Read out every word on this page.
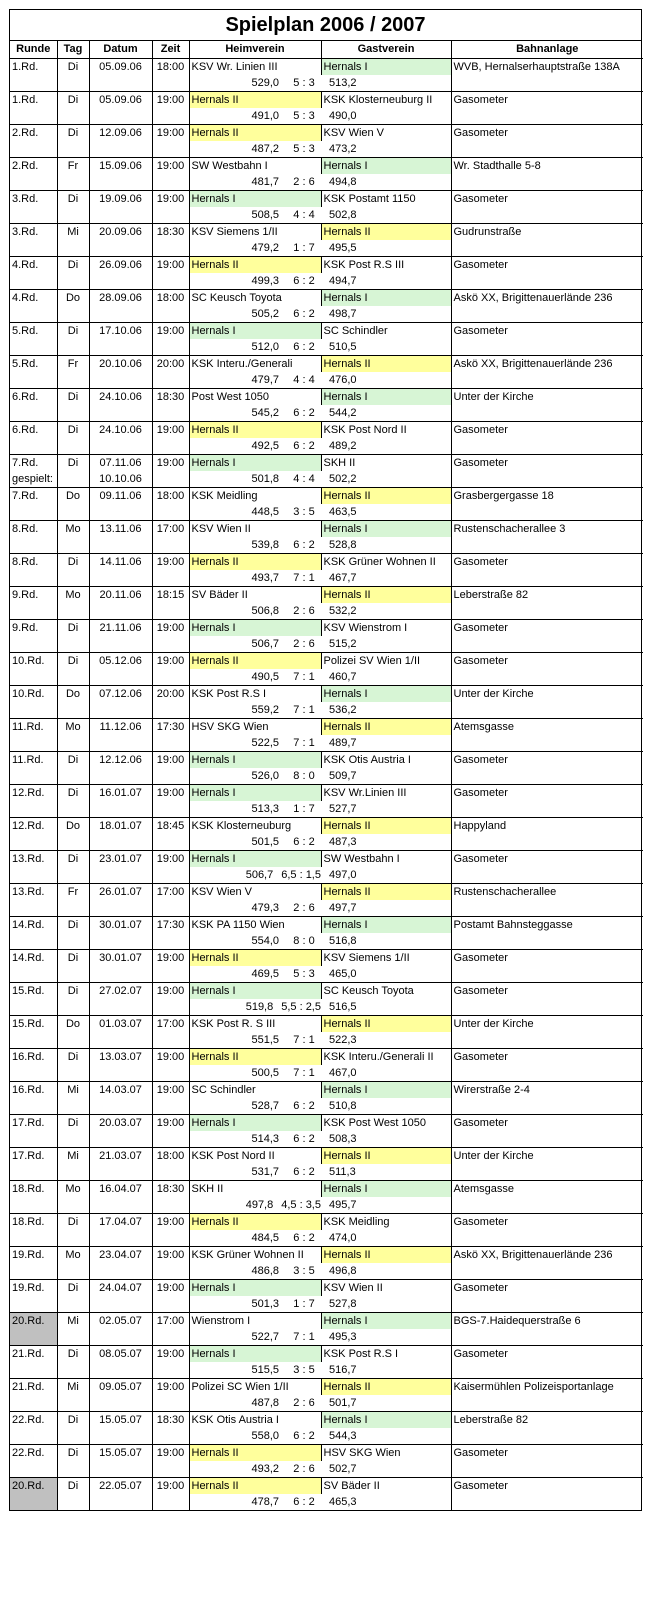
Spielplan 2006 / 2007
Runde	Tag	Datum	Zeit	Heimverein	Gastverein	Bahnanlage
1.Rd.	Di	05.09.06	18:00	KSV Wr. Linien III	Hernals I	WVB, Hernalserhauptstraße 138A
				529,0 5 : 3	513,2	
1.Rd.	Di	05.09.06	19:00	Hernals II	KSK Klosterneuburg II	Gasometer
				491,0 5 : 3	490,0	
2.Rd.	Di	12.09.06	19:00	Hernals II	KSV Wien V	Gasometer
				487,2 5 : 3	473,2	
2.Rd.	Fr	15.09.06	19:00	SW Westbahn I	Hernals I	Wr. Stadthalle 5-8
				481,7 2 : 6	494,8	
3.Rd.	Di	19.09.06	19:00	Hernals I	KSK Postamt 1150	Gasometer
				508,5 4 : 4	502,8	
3.Rd.	Mi	20.09.06	18:30	KSV Siemens 1/II	Hernals II	Gudrunstraße
				479,2 1 : 7	495,5	
4.Rd.	Di	26.09.06	19:00	Hernals II	KSK Post R.S III	Gasometer
				499,3 6 : 2	494,7	
4.Rd.	Do	28.09.06	18:00	SC Keusch Toyota	Hernals I	Askö XX, Brigittenauerlände 236
				505,2 6 : 2	498,7	
5.Rd.	Di	17.10.06	19:00	Hernals I	SC Schindler	Gasometer
				512,0 6 : 2	510,5	
5.Rd.	Fr	20.10.06	20:00	KSK Interu./Generali	Hernals II	Askö XX, Brigittenauerlände 236
				479,7 4 : 4	476,0	
6.Rd.	Di	24.10.06	18:30	Post West 1050	Hernals I	Unter der Kirche
				545,2 6 : 2	544,2	
6.Rd.	Di	24.10.06	19:00	Hernals II	KSK Post Nord II	Gasometer
				492,5 6 : 2	489,2	
7.Rd.	Di	07.11.06	19:00	Hernals I	SKH II	Gasometer
gespielt:		10.10.06		501,8 4 : 4	502,2	
7.Rd.	Do	09.11.06	18:00	KSK Meidling	Hernals II	Grasbergergasse 18
				448,5 3 : 5	463,5	
8.Rd.	Mo	13.11.06	17:00	KSV Wien II	Hernals I	Rustenschacherallee 3
				539,8 6 : 2	528,8	
8.Rd.	Di	14.11.06	19:00	Hernals II	KSK Grüner Wohnen II	Gasometer
				493,7 7 : 1	467,7	
9.Rd.	Mo	20.11.06	18:15	SV Bäder II	Hernals II	Leberstraße 82
				506,8 2 : 6	532,2	
9.Rd.	Di	21.11.06	19:00	Hernals I	KSV Wienstrom I	Gasometer
				506,7 2 : 6	515,2	
10.Rd.	Di	05.12.06	19:00	Hernals II	Polizei SV Wien 1/II	Gasometer
				490,5 7 : 1	460,7	
10.Rd.	Do	07.12.06	20:00	KSK Post R.S I	Hernals I	Unter der Kirche
				559,2 7 : 1	536,2	
11.Rd.	Mo	11.12.06	17:30	HSV SKG Wien	Hernals II	Atemsgasse
				522,5 7 : 1	489,7	
11.Rd.	Di	12.12.06	19:00	Hernals I	KSK Otis Austria I	Gasometer
				526,0 8 : 0	509,7	
12.Rd.	Di	16.01.07	19:00	Hernals I	KSV Wr.Linien III	Gasometer
				513,3 1 : 7	527,7	
12.Rd.	Do	18.01.07	18:45	KSK Klosterneuburg	Hernals II	Happyland
				501,5 6 : 2	487,3	
13.Rd.	Di	23.01.07	19:00	Hernals I	SW Westbahn I	Gasometer
				506,7 6,5 : 1,5	497,0	
13.Rd.	Fr	26.01.07	17:00	KSV Wien V	Hernals II	Rustenschacherallee
				479,3 2 : 6	497,7	
14.Rd.	Di	30.01.07	17:30	KSK PA 1150 Wien	Hernals I	Postamt Bahnsteggasse
				554,0 8 : 0	516,8	
14.Rd.	Di	30.01.07	19:00	Hernals II	KSV Siemens 1/II	Gasometer
				469,5 5 : 3	465,0	
15.Rd.	Di	27.02.07	19:00	Hernals I	SC Keusch Toyota	Gasometer
				519,8 5,5 : 2,5	516,5	
15.Rd.	Do	01.03.07	17:00	KSK Post R. S III	Hernals II	Unter der Kirche
				551,5 7 : 1	522,3	
16.Rd.	Di	13.03.07	19:00	Hernals II	KSK Interu./Generali II	Gasometer
				500,5 7 : 1	467,0	
16.Rd.	Mi	14.03.07	19:00	SC Schindler	Hernals I	Wirerstraße 2-4
				528,7 6 : 2	510,8	
17.Rd.	Di	20.03.07	19:00	Hernals I	KSK Post West 1050	Gasometer
				514,3 6 : 2	508,3	
17.Rd.	Mi	21.03.07	18:00	KSK Post Nord II	Hernals II	Unter der Kirche
				531,7 6 : 2	511,3	
18.Rd.	Mo	16.04.07	18:30	SKH II	Hernals I	Atemsgasse
				497,8 4,5 : 3,5	495,7	
18.Rd.	Di	17.04.07	19:00	Hernals II	KSK Meidling	Gasometer
				484,5 6 : 2	474,0	
19.Rd.	Mo	23.04.07	19:00	KSK Grüner Wohnen II	Hernals II	Askö XX, Brigittenauerlände 236
				486,8 3 : 5	496,8	
19.Rd.	Di	24.04.07	19:00	Hernals I	KSV Wien II	Gasometer
				501,3 1 : 7	527,8	
20.Rd.	Mi	02.05.07	17:00	Wienstrom I	Hernals I	BGS-7.Haidequerstraße 6
				522,7 7 : 1	495,3	
21.Rd.	Di	08.05.07	19:00	Hernals I	KSK Post R.S I	Gasometer
				515,5 3 : 5	516,7	
21.Rd.	Mi	09.05.07	19:00	Polizei SC Wien 1/II	Hernals II	Kaisermühlen Polizeisportanlage
				487,8 2 : 6	501,7	
22.Rd.	Di	15.05.07	18:30	KSK Otis Austria I	Hernals I	Leberstraße 82
				558,0 6 : 2	544,3	
22.Rd.	Di	15.05.07	19:00	Hernals II	HSV SKG Wien	Gasometer
				493,2 2 : 6	502,7	
20.Rd.	Di	22.05.07	19:00	Hernals II	SV Bäder II	Gasometer
				478,7 6 : 2	465,3	
